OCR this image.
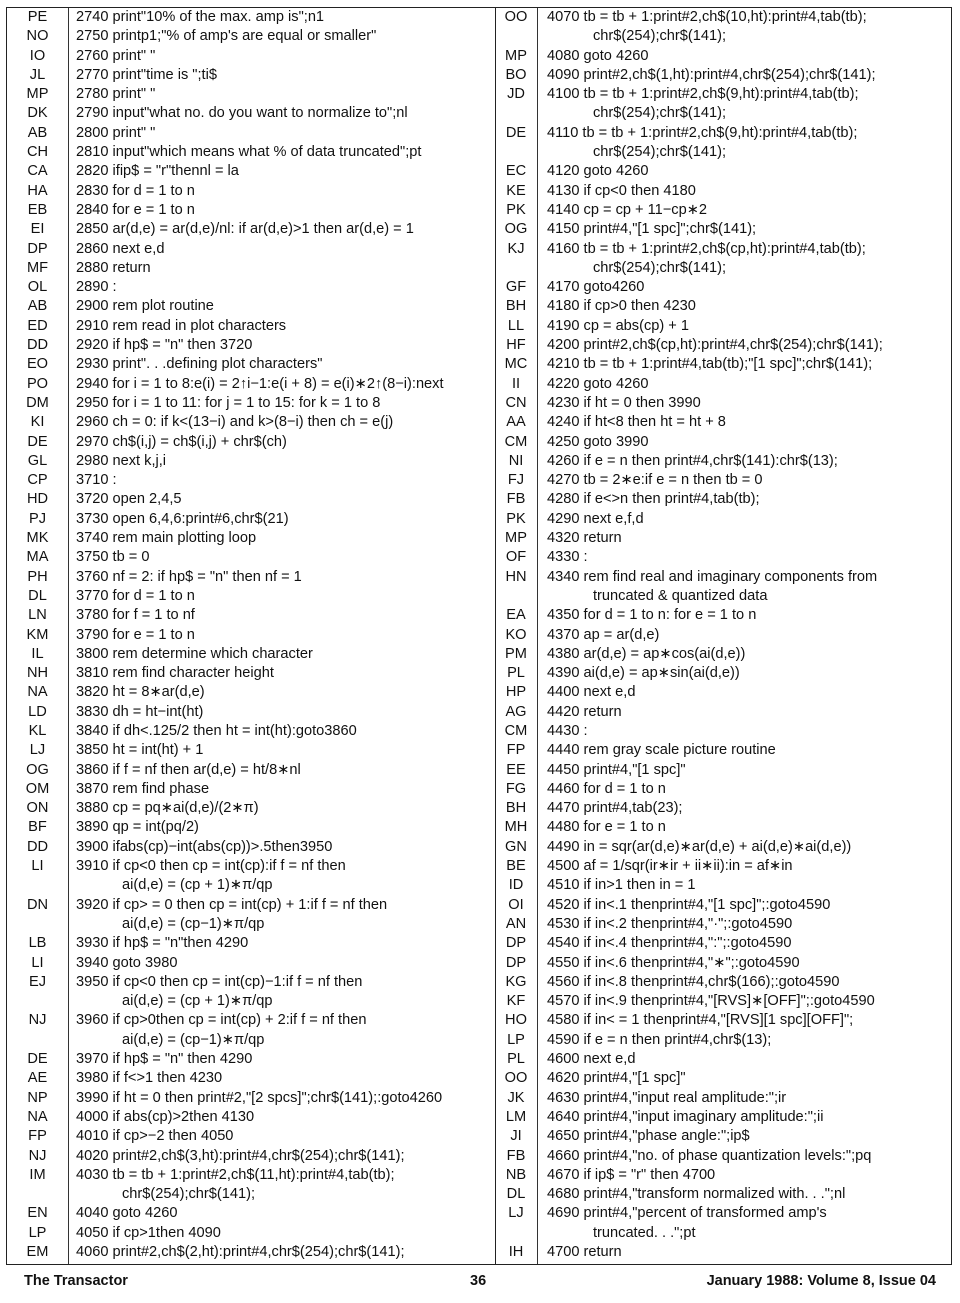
PE	2740 print"10% of the max. amp is";n1
NO	2750 printp1;"% of amp's are equal or smaller"
IO	2760 print" "
JL	2770 print"time is ";ti$
MP	2780 print" "
DK	2790 input"what no. do you want to normalize to";nl
AB	2800 print" "
CH	2810 input"which means what % of data truncated";pt
CA	2820 ifip$ = "r"thennl = la
HA	2830 for d = 1 to n
EB	2840 for e = 1 to n
EI	2850 ar(d,e) = ar(d,e)/nl: if ar(d,e)>1 then ar(d,e) = 1
DP	2860 next e,d
MF	2880 return
OL	2890 :
AB	2900 rem plot routine
ED	2910 rem read in plot characters
DD	2920 if hp$ = "n" then 3720
EO	2930 print". . .defining plot characters"
PO	2940 for i = 1 to 8:e(i) = 2↑i−1:e(i + 8) = e(i)∗2↑(8−i):next
DM	2950 for i = 1 to 11: for j = 1 to 15: for k = 1 to 8
KI	2960 ch = 0: if k<(13−i) and k>(8−i) then ch = e(j)
DE	2970 ch$(i,j) = ch$(i,j) + chr$(ch)
GL	2980 next k,j,i
CP	3710 :
HD	3720 open 2,4,5
PJ	3730 open 6,4,6:print#6,chr$(21)
MK	3740 rem main plotting loop
MA	3750 tb = 0
PH	3760 nf = 2: if hp$ = "n" then nf = 1
DL	3770 for d = 1 to n
LN	3780 for f = 1 to nf
KM	3790 for e = 1 to n
IL	3800 rem determine which character
NH	3810 rem find character height
NA	3820 ht = 8∗ar(d,e)
LD	3830 dh = ht−int(ht)
KL	3840 if dh<.125/2 then ht = int(ht):goto3860
LJ	3850 ht = int(ht) + 1
OG	3860 if f = nf then ar(d,e) = ht/8∗nl
OM	3870 rem find phase
ON	3880 cp = pq∗ai(d,e)/(2∗π)
BF	3890 qp = int(pq/2)
DD	3900 ifabs(cp)−int(abs(cp))>.5then3950
LI	3910 if cp<0 then cp = int(cp):if f = nf then
ai(d,e) = (cp + 1)∗π/qp
DN	3920 if cp> = 0 then cp = int(cp) + 1:if f = nf then
ai(d,e) = (cp−1)∗π/qp
LB	3930 if hp$ = "n"then 4290
LI	3940 goto 3980
EJ	3950 if cp<0 then cp = int(cp)−1:if f = nf then
ai(d,e) = (cp + 1)∗π/qp
NJ	3960 if cp>0then cp = int(cp) + 2:if f = nf then
ai(d,e) = (cp−1)∗π/qp
DE	3970 if hp$ = "n" then 4290
AE	3980 if f<>1 then 4230
NP	3990 if ht = 0 then print#2,"[2 spcs]";chr$(141);:goto4260
NA	4000 if abs(cp)>2then 4130
FP	4010 if cp>−2 then 4050
NJ	4020 print#2,ch$(3,ht):print#4,chr$(254);chr$(141);
IM	4030 tb = tb + 1:print#2,ch$(11,ht):print#4,tab(tb);
chr$(254);chr$(141);
EN	4040 goto 4260
LP	4050 if cp>1then 4090
EM	4060 print#2,ch$(2,ht):print#4,chr$(254);chr$(141);
OO	4070 tb = tb + 1:print#2,ch$(10,ht):print#4,tab(tb);
chr$(254);chr$(141);
MP	4080 goto 4260
BO	4090 print#2,ch$(1,ht):print#4,chr$(254);chr$(141);
JD	4100 tb = tb + 1:print#2,ch$(9,ht):print#4,tab(tb);
chr$(254);chr$(141);
DE	4110 tb = tb + 1:print#2,ch$(9,ht):print#4,tab(tb);
chr$(254);chr$(141);
EC	4120 goto 4260
KE	4130 if cp<0 then 4180
PK	4140 cp = cp + 11−cp∗2
OG	4150 print#4,"[1 spc]";chr$(141);
KJ	4160 tb = tb + 1:print#2,ch$(cp,ht):print#4,tab(tb);
chr$(254);chr$(141);
GF	4170 goto4260
BH	4180 if cp>0 then 4230
LL	4190 cp = abs(cp) + 1
HF	4200 print#2,ch$(cp,ht):print#4,chr$(254);chr$(141);
MC	4210 tb = tb + 1:print#4,tab(tb);"[1 spc]";chr$(141);
II	4220 goto 4260
CN	4230 if ht = 0 then 3990
AA	4240 if ht<8 then ht = ht + 8
CM	4250 goto 3990
NI	4260 if e = n then print#4,chr$(141):chr$(13);
FJ	4270 tb = 2∗e:if e = n then tb = 0
FB	4280 if e<>n then print#4,tab(tb);
PK	4290 next e,f,d
MP	4320 return
OF	4330 :
HN	4340 rem find real and imaginary components from
truncated & quantized data
EA	4350 for d = 1 to n: for e = 1 to n
KO	4370 ap = ar(d,e)
PM	4380 ar(d,e) = ap∗cos(ai(d,e))
PL	4390 ai(d,e) = ap∗sin(ai(d,e))
HP	4400 next e,d
AG	4420 return
CM	4430 :
FP	4440 rem gray scale picture routine
EE	4450 print#4,"[1 spc]"
FG	4460 for d = 1 to n
BH	4470 print#4,tab(23);
MH	4480 for e = 1 to n
GN	4490 in = sqr(ar(d,e)∗ar(d,e) + ai(d,e)∗ai(d,e))
BE	4500 af = 1/sqr(ir∗ir + ii∗ii):in = af∗in
ID	4510 if in>1 then in = 1
OI	4520 if in<.1 thenprint#4,"[1 spc]";:goto4590
AN	4530 if in<.2 thenprint#4,"·";:goto4590
DP	4540 if in<.4 thenprint#4,":";:goto4590
DP	4550 if in<.6 thenprint#4,"∗";:goto4590
KG	4560 if in<.8 thenprint#4,chr$(166);:goto4590
KF	4570 if in<.9 thenprint#4,"[RVS]∗[OFF]";:goto4590
HO	4580 if in< = 1 thenprint#4,"[RVS][1 spc][OFF]";
LP	4590 if e = n then print#4,chr$(13);
PL	4600 next e,d
OO	4620 print#4,"[1 spc]"
JK	4630 print#4,"input real amplitude:";ir
LM	4640 print#4,"input imaginary amplitude:";ii
JI	4650 print#4,"phase angle:";ip$
FB	4660 print#4,"no. of phase quantization levels:";pq
NB	4670 if ip$ = "r" then 4700
DL	4680 print#4,"transform normalized with. . .";nl
LJ	4690 print#4,"percent of transformed amp's
truncated. . .";pt
IH	4700 return
The Transactor	36	January 1988: Volume 8, Issue 04
